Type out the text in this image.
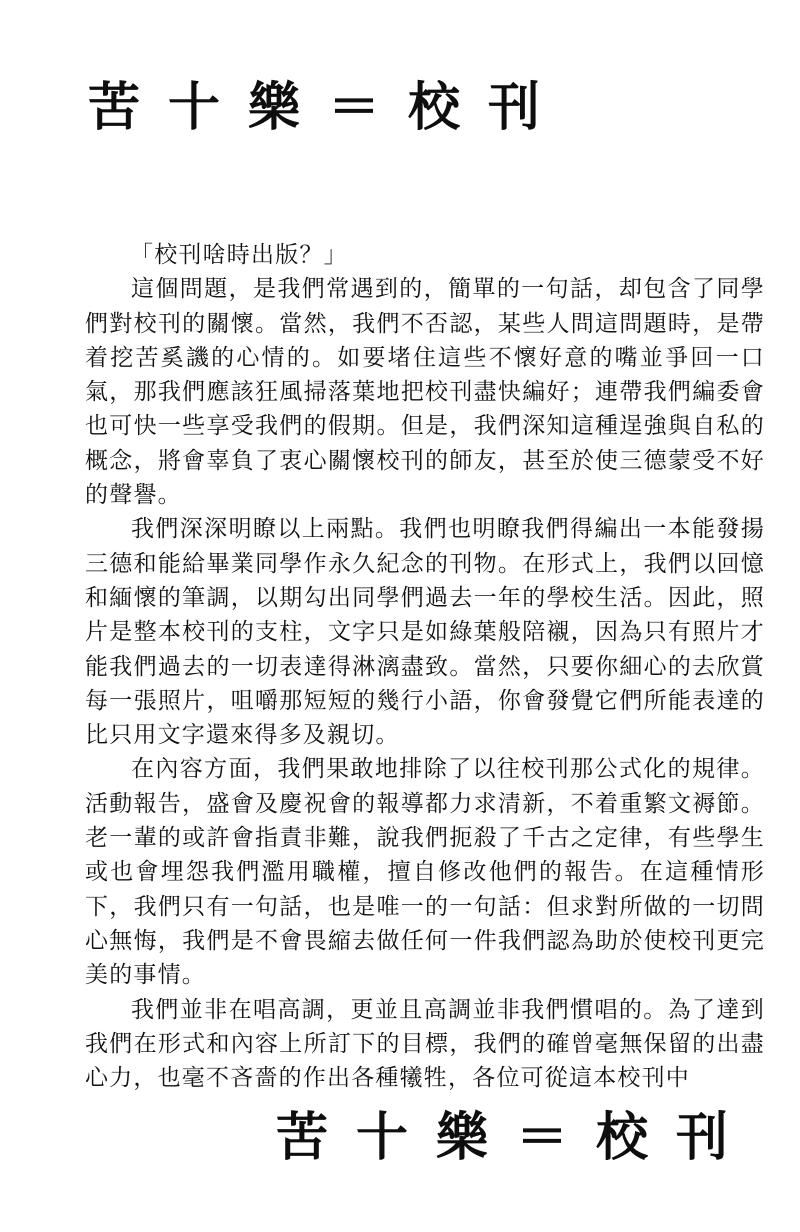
苦十樂＝校刊

「校刊啥時出版？」

這個問題，是我們常遇到的，簡單的一句話，却包含了同學們對校刊的關懷。當然，我們不否認，某些人問這問題時，是帶着挖苦奚譏的心情的。如要堵住這些不懷好意的嘴並爭回一口氣，那我們應該狂風掃落葉地把校刊盡快編好；連帶我們編委會也可快一些享受我們的假期。但是，我們深知這種逞強與自私的概念，將會辜負了衷心關懷校刊的師友，甚至於使三德蒙受不好的聲譽。

我們深深明瞭以上兩點。我們也明瞭我們得編出一本能發揚三德和能給畢業同學作永久紀念的刊物。在形式上，我們以回憶和緬懷的筆調，以期勾出同學們過去一年的學校生活。因此，照片是整本校刊的支柱，文字只是如綠葉般陪襯，因為只有照片才能我們過去的一切表達得淋漓盡致。當然，只要你細心的去欣賞每一張照片，咀嚼那短短的幾行小語，你會發覺它們所能表達的比只用文字還來得多及親切。

在內容方面，我們果敢地排除了以往校刊那公式化的規律。活動報告，盛會及慶祝會的報導都力求清新，不着重繁文褥節。老一輩的或許會指責非難，說我們扼殺了千古之定律，有些學生或也會埋怨我們濫用職權，擅自修改他們的報告。在這種情形下，我們只有一句話，也是唯一的一句話：但求對所做的一切問心無悔，我們是不會畏縮去做任何一件我們認為助於使校刊更完美的事情。

我們並非在唱高調，更並且高調並非我們慣唱的。為了達到我們在形式和內容上所訂下的目標，我們的確曾毫無保留的出盡心力，也毫不吝嗇的作出各種犧牲，各位可從這本校刊中

苦十樂＝校刊
